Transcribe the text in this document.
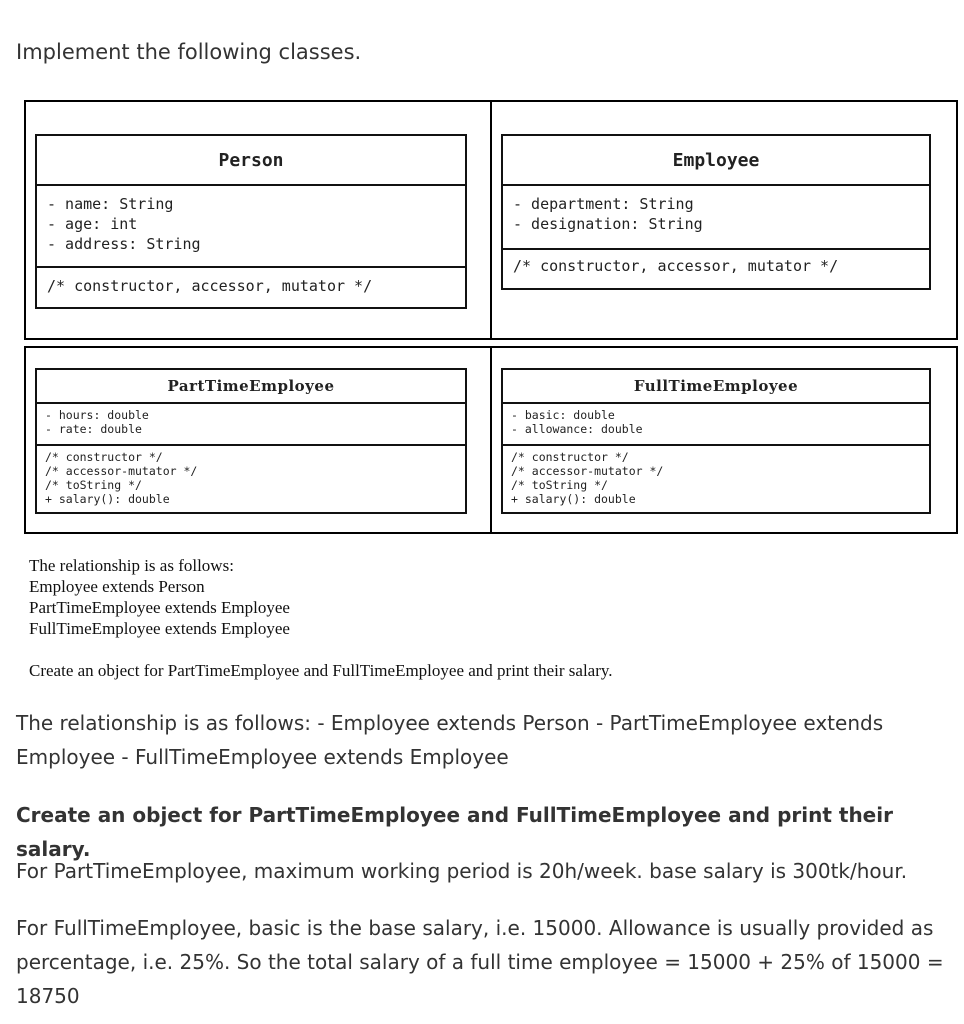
Implement the following classes.
Person
- name: String
- age: int
- address: String
/* constructor, accessor, mutator */
Employee
- department: String
- designation: String
/* constructor, accessor, mutator */
PartTimeEmployee
- hours: double
- rate: double
/* constructor */
/* accessor-mutator */
/* toString */
+ salary(): double
FullTimeEmployee
- basic: double
- allowance: double
/* constructor */
/* accessor-mutator */
/* toString */
+ salary(): double
The relationship is as follows:
Employee extends Person
PartTimeEmployee extends Employee
FullTimeEmployee extends Employee
Create an object for PartTimeEmployee and FullTimeEmployee and print their salary.
The relationship is as follows: - Employee extends Person - PartTimeEmployee extends Employee - FullTimeEmployee extends Employee
Create an object for PartTimeEmployee and FullTimeEmployee and print their salary.
For PartTimeEmployee, maximum working period is 20h/week. base salary is 300tk/hour.
For FullTimeEmployee, basic is the base salary, i.e. 15000. Allowance is usually provided as percentage, i.e. 25%. So the total salary of a full time employee = 15000 + 25% of 15000 = 18750
